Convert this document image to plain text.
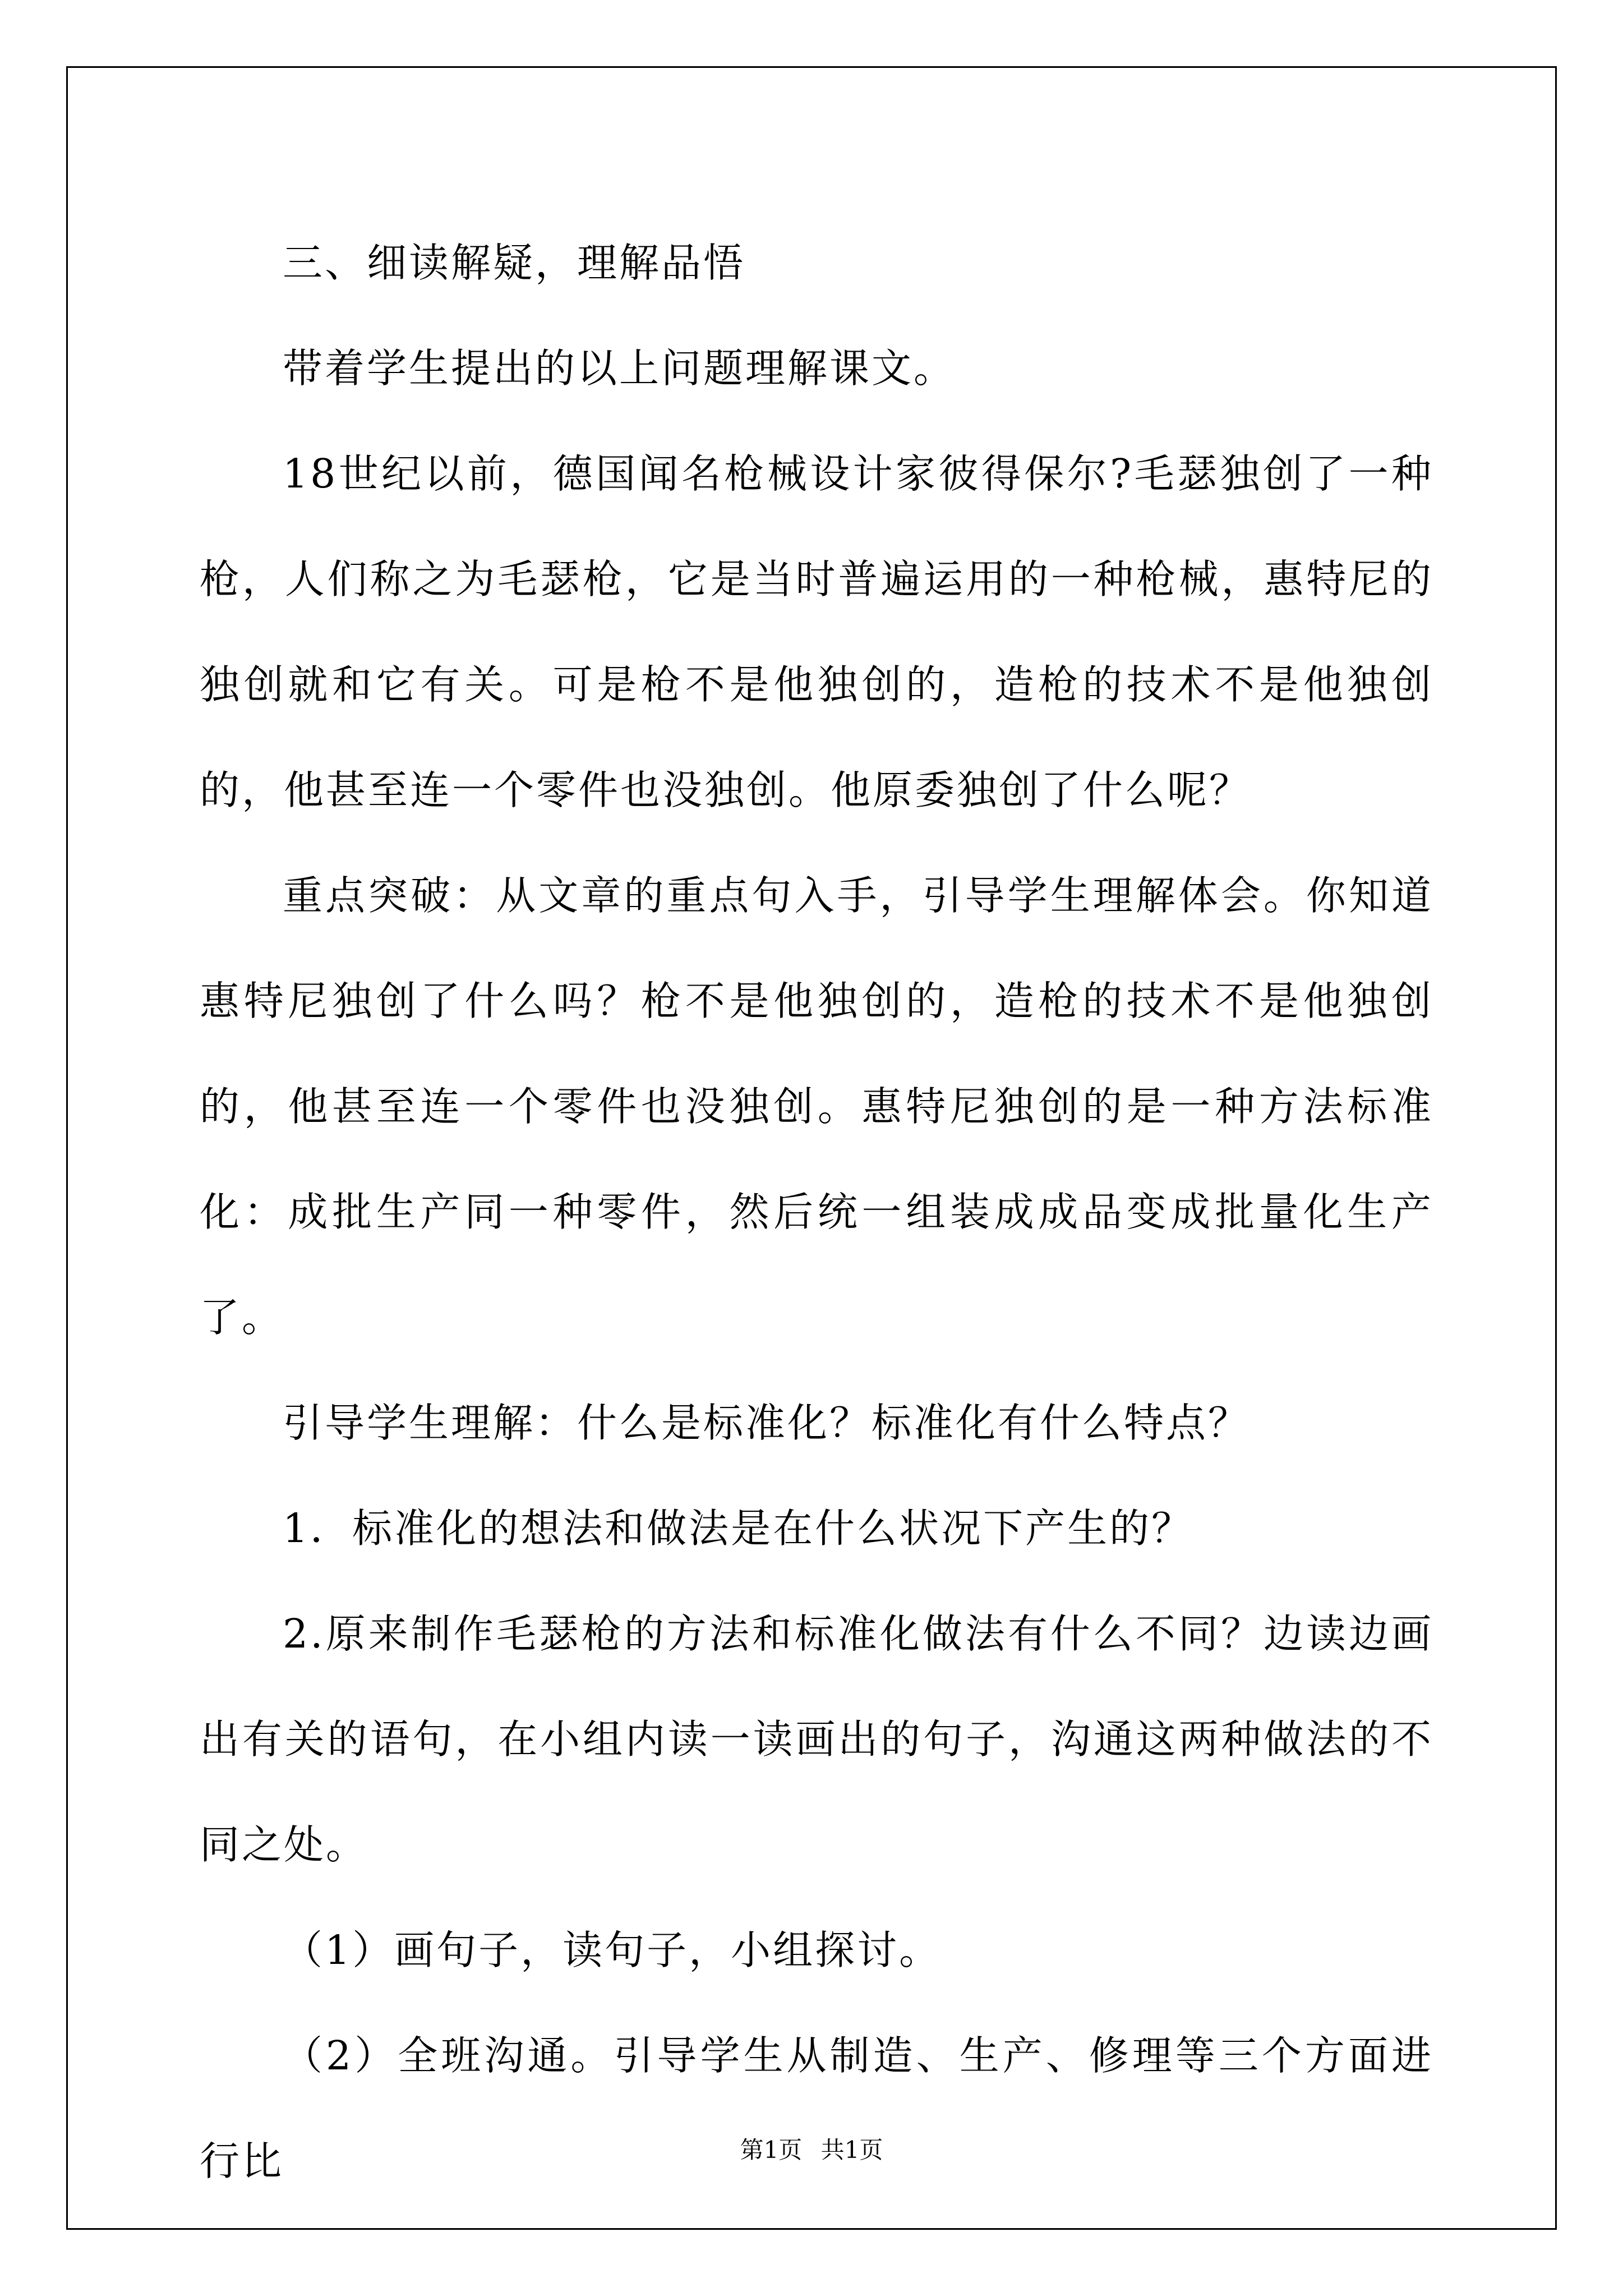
三、细读解疑，理解品悟

带着学生提出的以上问题理解课文。

18世纪以前，德国闻名枪械设计家彼得保尔?毛瑟独创了一种枪，人们称之为毛瑟枪，它是当时普遍运用的一种枪械，惠特尼的独创就和它有关。可是枪不是他独创的，造枪的技术不是他独创的，他甚至连一个零件也没独创。他原委独创了什么呢？

重点突破：从文章的重点句入手，引导学生理解体会。你知道惠特尼独创了什么吗？枪不是他独创的，造枪的技术不是他独创的，他甚至连一个零件也没独创。惠特尼独创的是一种方法标准化：成批生产同一种零件，然后统一组装成成品变成批量化生产了。

引导学生理解：什么是标准化？标准化有什么特点？

1．标准化的想法和做法是在什么状况下产生的？

2.原来制作毛瑟枪的方法和标准化做法有什么不同？边读边画出有关的语句，在小组内读一读画出的句子，沟通这两种做法的不同之处。

（1）画句子，读句子，小组探讨。

（2）全班沟通。引导学生从制造、生产、修理等三个方面进行比	第1页 共1页
